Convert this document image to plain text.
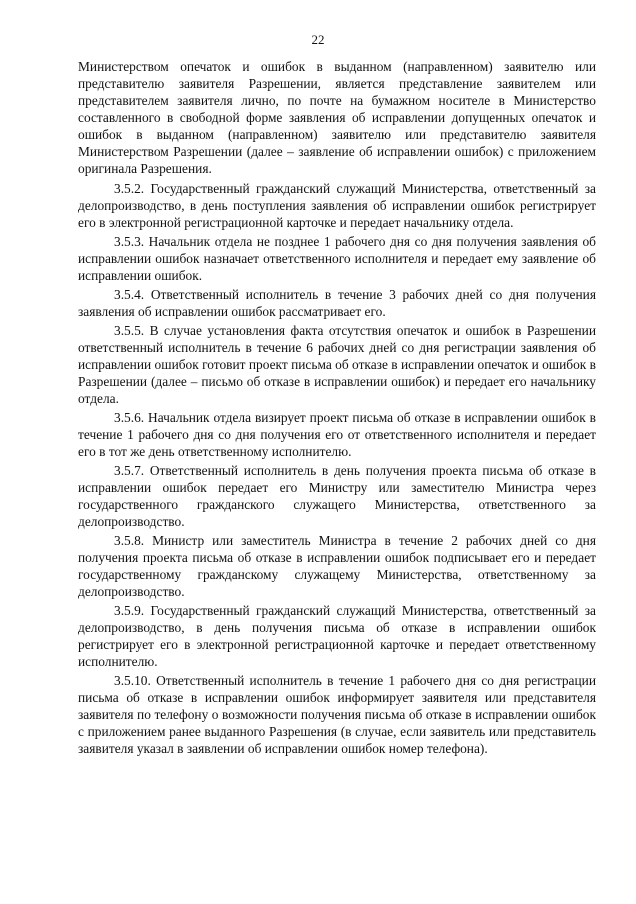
22

Министерством опечаток и ошибок в выданном (направленном) заявителю или представителю заявителя Разрешении, является представление заявителем или представителем заявителя лично, по почте на бумажном носителе в Министерство составленного в свободной форме заявления об исправлении допущенных опечаток и ошибок в выданном (направленном) заявителю или представителю заявителя Министерством Разрешении (далее – заявление об исправлении ошибок) с приложением оригинала Разрешения.

3.5.2. Государственный гражданский служащий Министерства, ответственный за делопроизводство, в день поступления заявления об исправлении ошибок регистрирует его в электронной регистрационной карточке и передает начальнику отдела.

3.5.3. Начальник отдела не позднее 1 рабочего дня со дня получения заявления об исправлении ошибок назначает ответственного исполнителя и передает ему заявление об исправлении ошибок.

3.5.4. Ответственный исполнитель в течение 3 рабочих дней со дня получения заявления об исправлении ошибок рассматривает его.

3.5.5. В случае установления факта отсутствия опечаток и ошибок в Разрешении ответственный исполнитель в течение 6 рабочих дней со дня регистрации заявления об исправлении ошибок готовит проект письма об отказе в исправлении опечаток и ошибок в Разрешении (далее – письмо об отказе в исправлении ошибок) и передает его начальнику отдела.

3.5.6. Начальник отдела визирует проект письма об отказе в исправлении ошибок в течение 1 рабочего дня со дня получения его от ответственного исполнителя и передает его в тот же день ответственному исполнителю.

3.5.7. Ответственный исполнитель в день получения проекта письма об отказе в исправлении ошибок передает его Министру или заместителю Министра через государственного гражданского служащего Министерства, ответственного за делопроизводство.

3.5.8. Министр или заместитель Министра в течение 2 рабочих дней со дня получения проекта письма об отказе в исправлении ошибок подписывает его и передает государственному гражданскому служащему Министерства, ответственному за делопроизводство.

3.5.9. Государственный гражданский служащий Министерства, ответственный за делопроизводство, в день получения письма об отказе в исправлении ошибок регистрирует его в электронной регистрационной карточке и передает ответственному исполнителю.

3.5.10. Ответственный исполнитель в течение 1 рабочего дня со дня регистрации письма об отказе в исправлении ошибок информирует заявителя или представителя заявителя по телефону о возможности получения письма об отказе в исправлении ошибок с приложением ранее выданного Разрешения (в случае, если заявитель или представитель заявителя указал в заявлении об исправлении ошибок номер телефона).
